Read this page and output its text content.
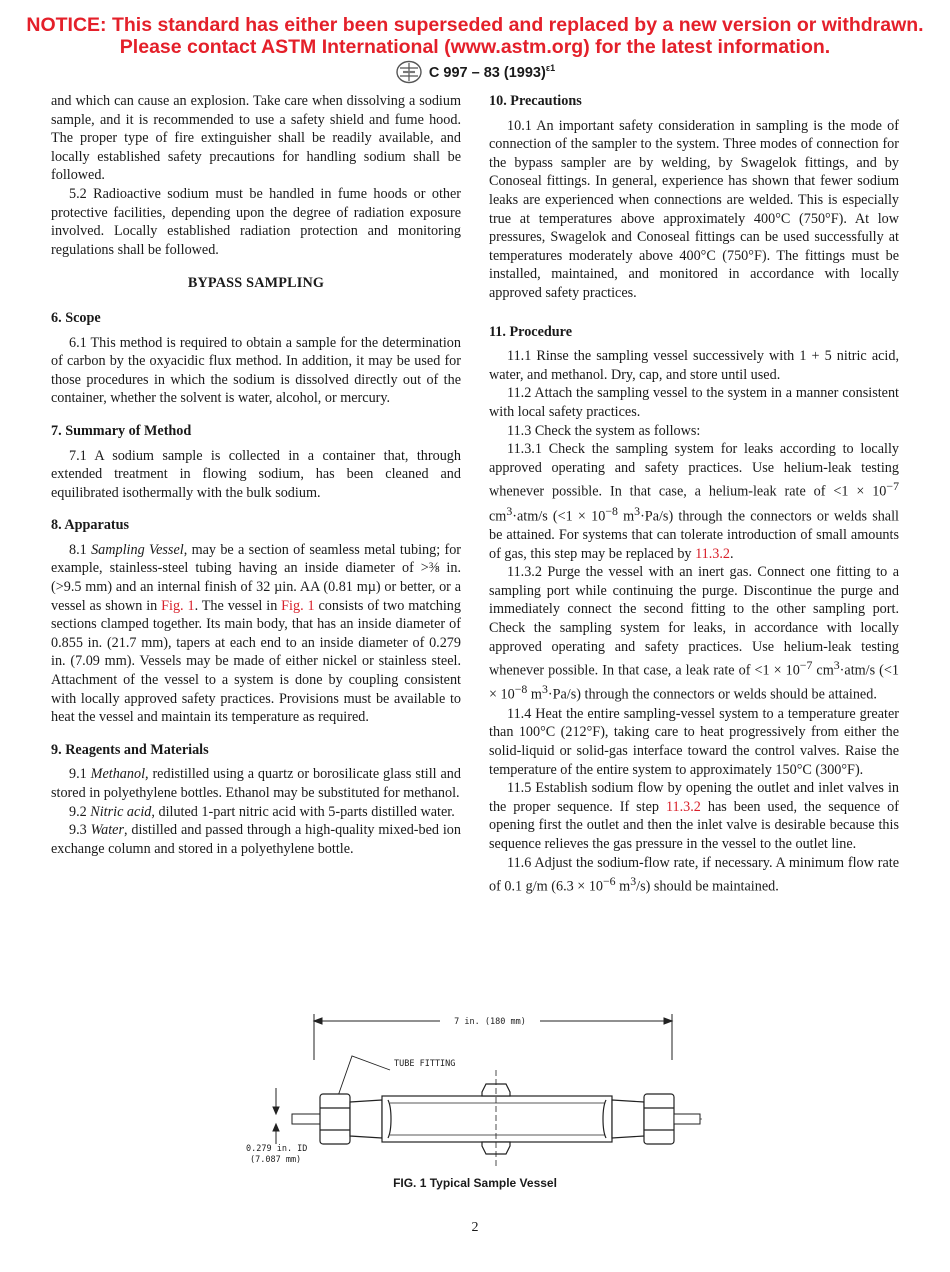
NOTICE: This standard has either been superseded and replaced by a new version or withdrawn.
Please contact ASTM International (www.astm.org) for the latest information.
C 997 – 83 $(1993)^{\varepsilon 1}$

and which can cause an explosion. Take care when dissolving a sodium sample, and it is recommended to use a safety shield and fume hood. The proper type of fire extinguisher shall be readily available, and locally established safety precautions for handling sodium shall be followed.

5.2 Radioactive sodium must be handled in fume hoods or other protective facilities, depending upon the degree of radiation exposure involved. Locally established radiation protection and monitoring regulations shall be followed.

BYPASS SAMPLING
6. Scope

6.1 This method is required to obtain a sample for the determination of carbon by the oxyacidic flux method. In addition, it may be used for those procedures in which the sodium is dissolved directly out of the container, whether the solvent is water, alcohol, or mercury.

7. Summary of Method

7.1 A sodium sample is collected in a container that, through extended treatment in flowing sodium, has been cleaned and equilibrated isothermally with the bulk sodium.

8. Apparatus

8.1 Sampling Vessel, may be a section of seamless metal tubing; for example, stainless-steel tubing having an inside diameter of >⅜ in. (>9.5 mm) and an internal finish of 32 µin. AA (0.81 mµ) or better, or a vessel as shown in Fig. 1. The vessel in Fig. 1 consists of two matching sections clamped together. Its main body, that has an inside diameter of 0.855 in. (21.7 mm), tapers at each end to an inside diameter of 0.279 in. (7.09 mm). Vessels may be made of either nickel or stainless steel. Attachment of the vessel to a system is done by coupling consistent with locally approved safety practices. Provisions must be available to heat the vessel and maintain its temperature as required.

9. Reagents and Materials

9.1 Methanol, redistilled using a quartz or borosilicate glass still and stored in polyethylene bottles. Ethanol may be substituted for methanol.

9.2 Nitric acid, diluted 1-part nitric acid with 5-parts distilled water.

9.3 Water, distilled and passed through a high-quality mixed-bed ion exchange column and stored in a polyethylene bottle.

10. Precautions

10.1 An important safety consideration in sampling is the mode of connection of the sampler to the system. Three modes of connection for the bypass sampler are by welding, by Swagelok fittings, and by Conoseal fittings. In general, experience has shown that fewer sodium leaks are experienced when connections are welded. This is especially true at temperatures above approximately 400°C (750°F). At low pressures, Swagelok and Conoseal fittings can be used successfully at temperatures moderately above 400°C (750°F). The fittings must be installed, maintained, and monitored in accordance with locally approved safety practices.

11. Procedure

11.1 Rinse the sampling vessel successively with 1 + 5 nitric acid, water, and methanol. Dry, cap, and store until used.

11.2 Attach the sampling vessel to the system in a manner consistent with local safety practices.

11.3 Check the system as follows:

11.3.1 Check the sampling system for leaks according to locally approved operating and safety practices. Use helium-leak testing whenever possible. In that case, a helium-leak rate of $<1 \times 10^{-7}$ $cm^3\cdot atm/s$ ($<1 \times 10^{-8}$ $m^3\cdot Pa/s$) through the connectors or welds shall be attained. For systems that can tolerate introduction of small amounts of gas, this step may be replaced by 11.3.2.

11.3.2 Purge the vessel with an inert gas. Connect one fitting to a sampling port while continuing the purge. Discontinue the purge and immediately connect the second fitting to the other sampling port. Check the sampling system for leaks, in accordance with locally approved operating and safety practices. Use helium-leak testing whenever possible. In that case, a leak rate of $<1 \times 10^{-7}$ $cm^3\cdot atm/s$ ($<1 \times 10^{-8}$ $m^3\cdot Pa/s$) through the connectors or welds should be attained.

11.4 Heat the entire sampling-vessel system to a temperature greater than 100°C (212°F), taking care to heat progressively from either the solid-liquid or solid-gas interface toward the control valves. Raise the temperature of the entire system to approximately 150°C (300°F).

11.5 Establish sodium flow by opening the outlet and inlet valves in the proper sequence. If step 11.3.2 has been used, the sequence of opening first the outlet and then the inlet valve is desirable because this sequence relieves the gas pressure in the vessel to the outlet line.

11.6 Adjust the sodium-flow rate, if necessary. A minimum flow rate of 0.1 g/m ($6.3 \times 10^{-6}$ $m^3/s$) should be maintained.

7 in. (180 mm)
TUBE FITTING
0.279 in. ID
(7.087 mm)
FIG. 1 Typical Sample Vessel
2
